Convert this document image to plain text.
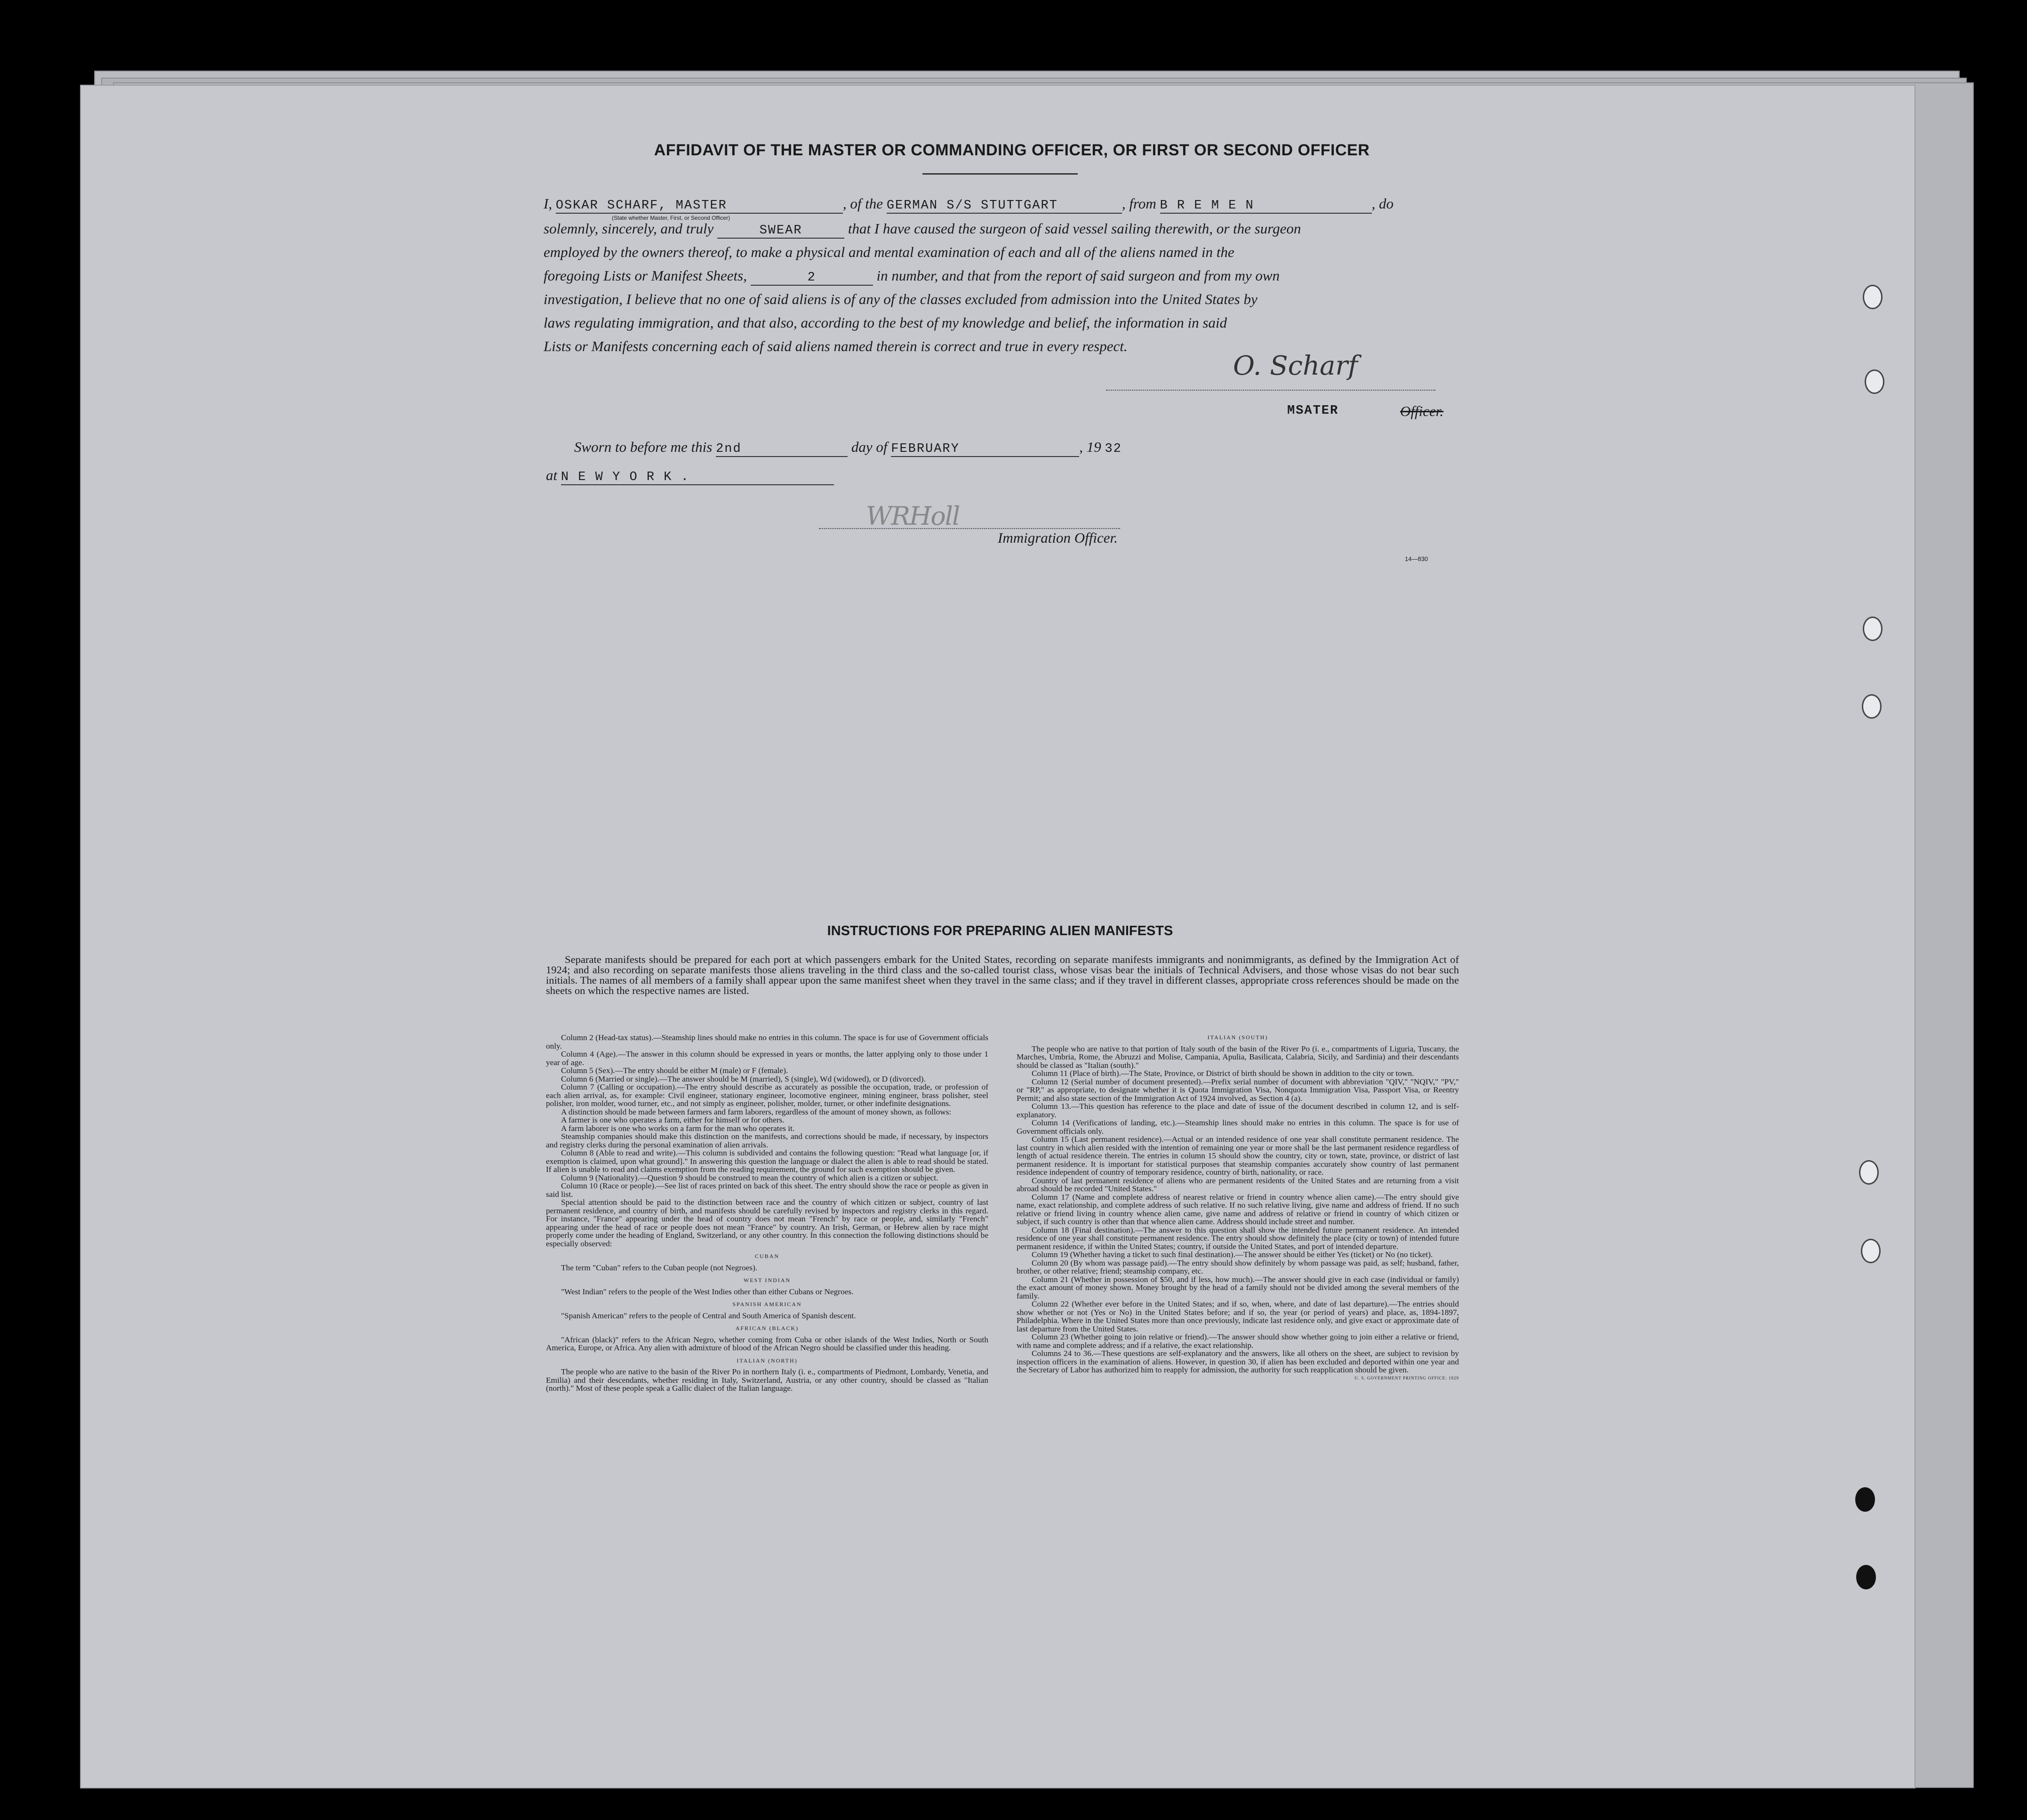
AFFIDAVIT OF THE MASTER OR COMMANDING OFFICER, OR FIRST OR SECOND OFFICER
I, OSKAR SCHARF, MASTER	, of the GERMAN S/S STUTTGART	, from B R E M E N	, do
(State whether Master, First, or Second Officer)
solemnly, sincerely, and truly	SWEAR	that I have caused the surgeon of said vessel sailing therewith, or the surgeon
employed by the owners thereof, to make a physical and mental examination of each and all of the aliens named in the
foregoing Lists or Manifest Sheets,	2	in number, and that from the report of said surgeon and from my own
investigation, I believe that no one of said aliens is of any of the classes excluded from admission into the United States by
laws regulating immigration, and that also, according to the best of my knowledge and belief, the information in said
Lists or Manifests concerning each of said aliens named therein is correct and true in every respect.
O. Scharf
MSATER	Officer.
Sworn to before me this 2nd	day of FEBRUARY	, 19 32
at N E W Y O R K .
WRHoll
Immigration Officer.
14—830
INSTRUCTIONS FOR PREPARING ALIEN MANIFESTS
Separate manifests should be prepared for each port at which passengers embark for the United States, recording on separate manifests immigrants and nonimmigrants, as defined by the Immigration Act of 1924; and also recording on separate manifests those aliens traveling in the third class and the so-called tourist class, whose visas bear the initials of Technical Advisers, and those whose visas do not bear such initials. The names of all members of a family shall appear upon the same manifest sheet when they travel in the same class; and if they travel in different classes, appropriate cross references should be made on the sheets on which the respective names are listed.

Column 2 (Head-tax status).—Steamship lines should make no entries in this column. The space is for use of Government officials only.

Column 4 (Age).—The answer in this column should be expressed in years or months, the latter applying only to those under 1 year of age.

Column 5 (Sex).—The entry should be either M (male) or F (female).

Column 6 (Married or single).—The answer should be M (married), S (single), Wd (widowed), or D (divorced).

Column 7 (Calling or occupation).—The entry should describe as accurately as possible the occupation, trade, or profession of each alien arrival, as, for example: Civil engineer, stationary engineer, locomotive engineer, mining engineer, brass polisher, steel polisher, iron molder, wood turner, etc., and not simply as engineer, polisher, molder, turner, or other indefinite designations.

A distinction should be made between farmers and farm laborers, regardless of the amount of money shown, as follows:

A farmer is one who operates a farm, either for himself or for others.

A farm laborer is one who works on a farm for the man who operates it.

Steamship companies should make this distinction on the manifests, and corrections should be made, if necessary, by inspectors and registry clerks during the personal examination of alien arrivals.

Column 8 (Able to read and write).—This column is subdivided and contains the following question: "Read what language [or, if exemption is claimed, upon what ground]." In answering this question the language or dialect the alien is able to read should be stated. If alien is unable to read and claims exemption from the reading requirement, the ground for such exemption should be given.

Column 9 (Nationality).—Question 9 should be construed to mean the country of which alien is a citizen or subject.

Column 10 (Race or people).—See list of races printed on back of this sheet. The entry should show the race or people as given in said list.

Special attention should be paid to the distinction between race and the country of which citizen or subject, country of last permanent residence, and country of birth, and manifests should be carefully revised by inspectors and registry clerks in this regard. For instance, "France" appearing under the head of country does not mean "French" by race or people, and, similarly "French" appearing under the head of race or people does not mean "France" by country. An Irish, German, or Hebrew alien by race might properly come under the heading of England, Switzerland, or any other country. In this connection the following distinctions should be especially observed:

CUBAN

The term "Cuban" refers to the Cuban people (not Negroes).

WEST INDIAN

"West Indian" refers to the people of the West Indies other than either Cubans or Negroes.

SPANISH AMERICAN

"Spanish American" refers to the people of Central and South America of Spanish descent.

AFRICAN (BLACK)

"African (black)" refers to the African Negro, whether coming from Cuba or other islands of the West Indies, North or South America, Europe, or Africa. Any alien with admixture of blood of the African Negro should be classified under this heading.

ITALIAN (NORTH)

The people who are native to the basin of the River Po in northern Italy (i. e., compartments of Piedmont, Lombardy, Venetia, and Emilia) and their descendants, whether residing in Italy, Switzerland, Austria, or any other country, should be classed as "Italian (north)." Most of these people speak a Gallic dialect of the Italian language.

ITALIAN (SOUTH)

The people who are native to that portion of Italy south of the basin of the River Po (i. e., compartments of Liguria, Tuscany, the Marches, Umbria, Rome, the Abruzzi and Molise, Campania, Apulia, Basilicata, Calabria, Sicily, and Sardinia) and their descendants should be classed as "Italian (south)."

Column 11 (Place of birth).—The State, Province, or District of birth should be shown in addition to the city or town.

Column 12 (Serial number of document presented).—Prefix serial number of document with abbreviation "QIV," "NQIV," "PV," or "RP," as appropriate, to designate whether it is Quota Immigration Visa, Nonquota Immigration Visa, Passport Visa, or Reentry Permit; and also state section of the Immigration Act of 1924 involved, as Section 4 (a).

Column 13.—This question has reference to the place and date of issue of the document described in column 12, and is self-explanatory.

Column 14 (Verifications of landing, etc.).—Steamship lines should make no entries in this column. The space is for use of Government officials only.

Column 15 (Last permanent residence).—Actual or an intended residence of one year shall constitute permanent residence. The last country in which alien resided with the intention of remaining one year or more shall be the last permanent residence regardless of length of actual residence therein. The entries in column 15 should show the country, city or town, state, province, or district of last permanent residence. It is important for statistical purposes that steamship companies accurately show country of last permanent residence independent of country of temporary residence, country of birth, nationality, or race.

Country of last permanent residence of aliens who are permanent residents of the United States and are returning from a visit abroad should be recorded "United States."

Column 17 (Name and complete address of nearest relative or friend in country whence alien came).—The entry should give name, exact relationship, and complete address of such relative. If no such relative living, give name and address of friend. If no such relative or friend living in country whence alien came, give name and address of relative or friend in country of which citizen or subject, if such country is other than that whence alien came. Address should include street and number.

Column 18 (Final destination).—The answer to this question shall show the intended future permanent residence. An intended residence of one year shall constitute permanent residence. The entry should show definitely the place (city or town) of intended future permanent residence, if within the United States; country, if outside the United States, and port of intended departure.

Column 19 (Whether having a ticket to such final destination).—The answer should be either Yes (ticket) or No (no ticket).

Column 20 (By whom was passage paid).—The entry should show definitely by whom passage was paid, as self; husband, father, brother, or other relative; friend; steamship company, etc.

Column 21 (Whether in possession of $50, and if less, how much).—The answer should give in each case (individual or family) the exact amount of money shown. Money brought by the head of a family should not be divided among the several members of the family.

Column 22 (Whether ever before in the United States; and if so, when, where, and date of last departure).—The entries should show whether or not (Yes or No) in the United States before; and if so, the year (or period of years) and place, as, 1894-1897, Philadelphia. Where in the United States more than once previously, indicate last residence only, and give exact or approximate date of last departure from the United States.

Column 23 (Whether going to join relative or friend).—The answer should show whether going to join either a relative or friend, with name and complete address; and if a relative, the exact relationship.

Columns 24 to 36.—These questions are self-explanatory and the answers, like all others on the sheet, are subject to revision by inspection officers in the examination of aliens. However, in question 30, if alien has been excluded and deported within one year and the Secretary of Labor has authorized him to reapply for admission, the authority for such reapplication should be given.

U. S. GOVERNMENT PRINTING OFFICE: 1929
